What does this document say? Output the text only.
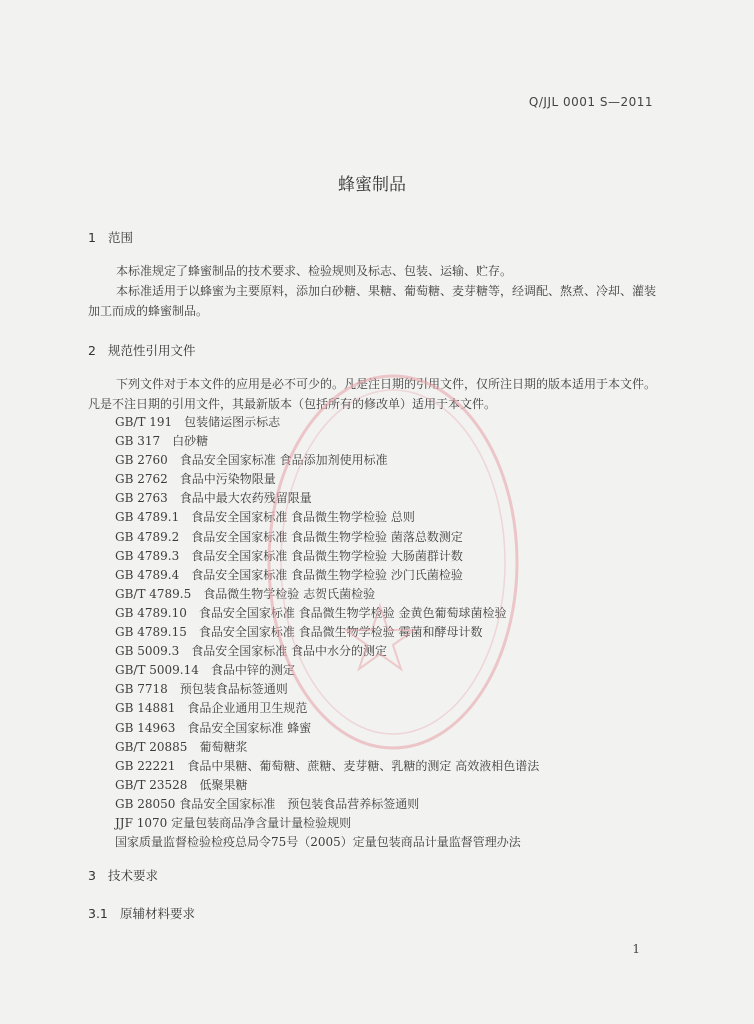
Q/JJL 0001 S—2011
蜂蜜制品
1 范围
本标准规定了蜂蜜制品的技术要求、检验规则及标志、包装、运输、贮存。
本标准适用于以蜂蜜为主要原料，添加白砂糖、果糖、葡萄糖、麦芽糖等，经调配、熬煮、冷却、灌装加工而成的蜂蜜制品。
2 规范性引用文件
下列文件对于本文件的应用是必不可少的。凡是注日期的引用文件，仅所注日期的版本适用于本文件。凡是不注日期的引用文件，其最新版本（包括所有的修改单）适用于本文件。
GB/T 191　包装储运图示标志
GB 317　白砂糖
GB 2760　食品安全国家标准 食品添加剂使用标准
GB 2762　食品中污染物限量
GB 2763　食品中最大农药残留限量
GB 4789.1　食品安全国家标准 食品微生物学检验 总则
GB 4789.2　食品安全国家标准 食品微生物学检验 菌落总数测定
GB 4789.3　食品安全国家标准 食品微生物学检验 大肠菌群计数
GB 4789.4　食品安全国家标准 食品微生物学检验 沙门氏菌检验
GB/T 4789.5　食品微生物学检验 志贺氏菌检验
GB 4789.10　食品安全国家标准 食品微生物学检验 金黄色葡萄球菌检验
GB 4789.15　食品安全国家标准 食品微生物学检验 霉菌和酵母计数
GB 5009.3　食品安全国家标准 食品中水分的测定
GB/T 5009.14　食品中锌的测定
GB 7718　预包装食品标签通则
GB 14881　食品企业通用卫生规范
GB 14963　食品安全国家标准 蜂蜜
GB/T 20885　葡萄糖浆
GB 22221　食品中果糖、葡萄糖、蔗糖、麦芽糖、乳糖的测定 高效液相色谱法
GB/T 23528　低聚果糖
GB 28050 食品安全国家标准　预包装食品营养标签通则
JJF 1070 定量包装商品净含量计量检验规则
国家质量监督检验检疫总局令75号（2005）定量包装商品计量监督管理办法
3 技术要求
3.1 原辅材料要求
1
